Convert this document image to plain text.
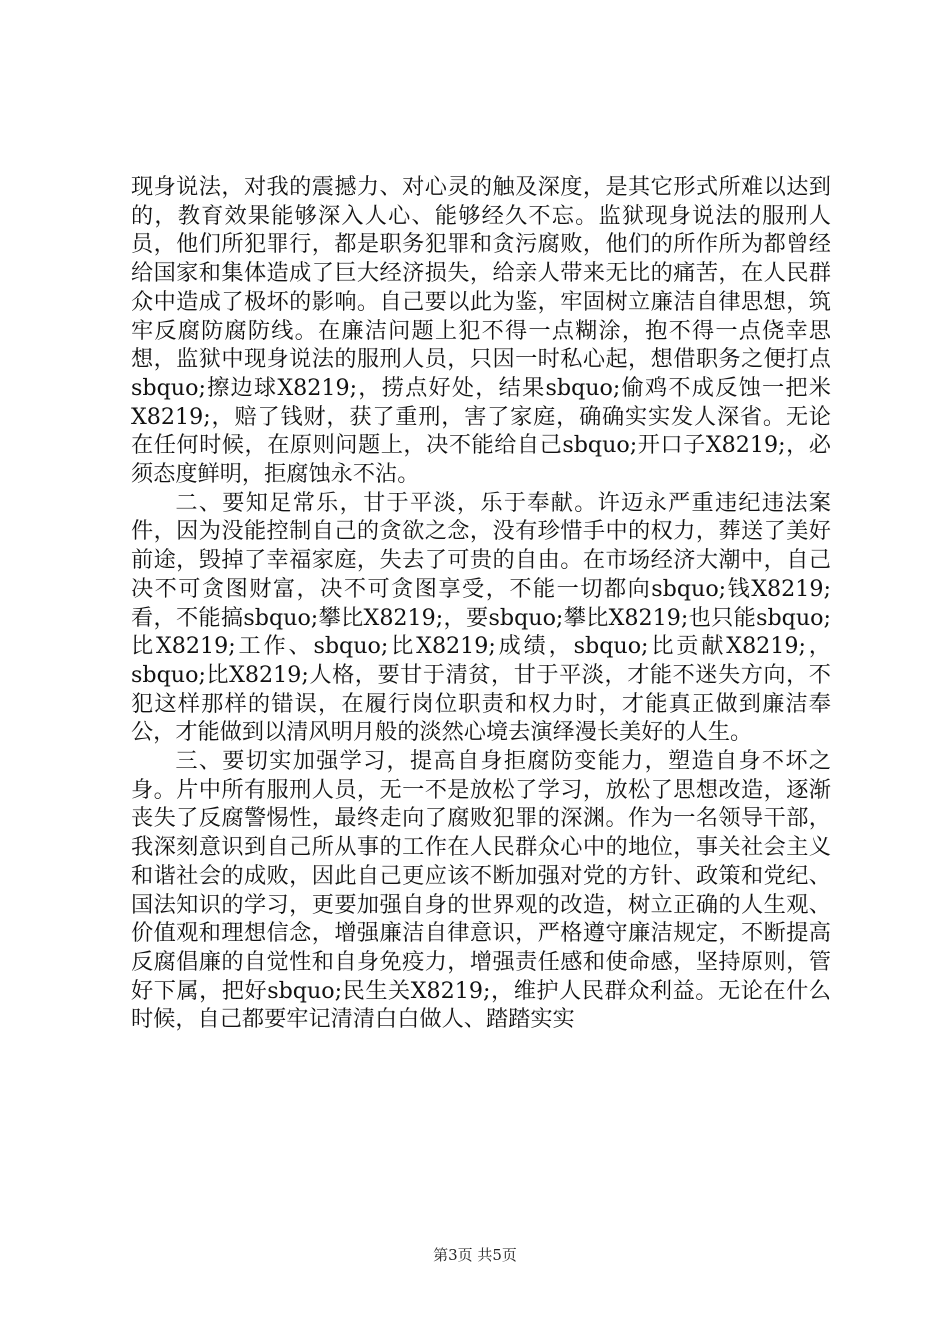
现身说法，对我的震撼力、对心灵的触及深度，是其它形式所难以达到的，教育效果能够深入人心、能够经久不忘。监狱现身说法的服刑人员，他们所犯罪行，都是职务犯罪和贪污腐败，他们的所作所为都曾经给国家和集体造成了巨大经济损失，给亲人带来无比的痛苦，在人民群众中造成了极坏的影响。自己要以此为鉴，牢固树立廉洁自律思想，筑牢反腐防腐防线。在廉洁问题上犯不得一点糊涂，抱不得一点侥幸思想，监狱中现身说法的服刑人员，只因一时私心起，想借职务之便打点sbquo;擦边球X8219;，捞点好处，结果sbquo;偷鸡不成反蚀一把米X8219;，赔了钱财，获了重刑，害了家庭，确确实实发人深省。无论在任何时候，在原则问题上，决不能给自己sbquo;开口子X8219;，必须态度鲜明，拒腐蚀永不沾。

二、要知足常乐，甘于平淡，乐于奉献。许迈永严重违纪违法案件，因为没能控制自己的贪欲之念，没有珍惜手中的权力，葬送了美好前途，毁掉了幸福家庭，失去了可贵的自由。在市场经济大潮中，自己决不可贪图财富，决不可贪图享受，不能一切都向sbquo;钱X8219;看，不能搞sbquo;攀比X8219;，要sbquo;攀比X8219;也只能sbquo;比X8219;工作、sbquo;比X8219;成绩，sbquo;比贡献X8219;，sbquo;比X8219;人格，要甘于清贫，甘于平淡，才能不迷失方向，不犯这样那样的错误，在履行岗位职责和权力时，才能真正做到廉洁奉公，才能做到以清风明月般的淡然心境去演绎漫长美好的人生。

三、要切实加强学习，提高自身拒腐防变能力，塑造自身不坏之身。片中所有服刑人员，无一不是放松了学习，放松了思想改造，逐渐丧失了反腐警惕性，最终走向了腐败犯罪的深渊。作为一名领导干部，我深刻意识到自己所从事的工作在人民群众心中的地位，事关社会主义和谐社会的成败，因此自己更应该不断加强对党的方针、政策和党纪、国法知识的学习，更要加强自身的世界观的改造，树立正确的人生观、价值观和理想信念，增强廉洁自律意识，严格遵守廉洁规定，不断提高反腐倡廉的自觉性和自身免疫力，增强责任感和使命感，坚持原则，管好下属，把好sbquo;民生关X8219;，维护人民群众利益。无论在什么时候，自己都要牢记清清白白做人、踏踏实实

第3页 共5页
